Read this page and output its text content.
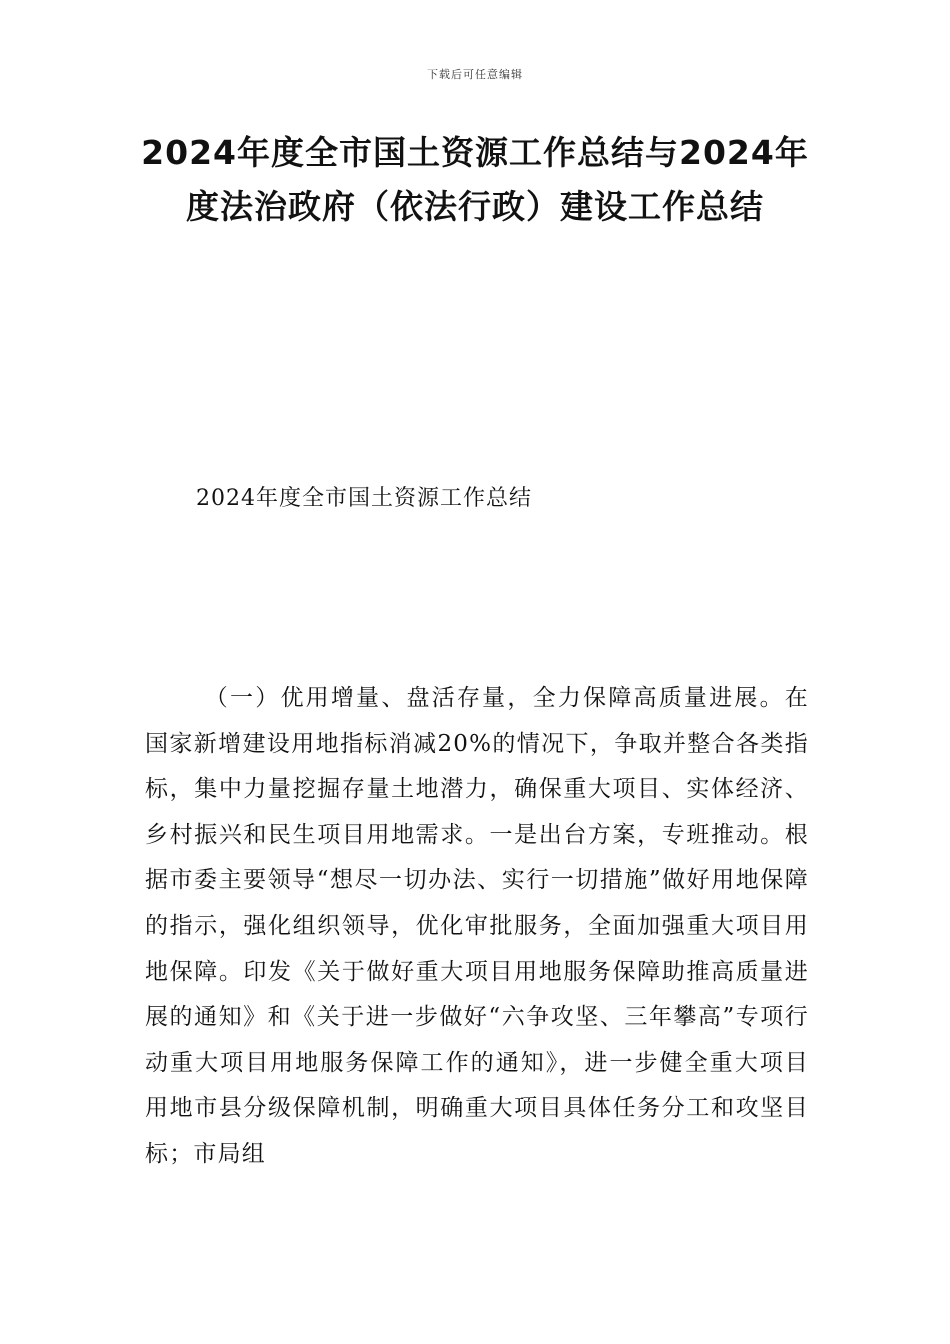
下载后可任意编辑
2024年度全市国土资源工作总结与2024年
度法治政府（依法行政）建设工作总结
2024年度全市国土资源工作总结

（一）优用增量、盘活存量，全力保障高质量进展。在国家新增建设用地指标消减20%的情况下，争取并整合各类指标，集中力量挖掘存量土地潜力，确保重大项目、实体经济、乡村振兴和民生项目用地需求。一是出台方案，专班推动。根据市委主要领导“想尽一切办法、实行一切措施”做好用地保障的指示，强化组织领导，优化审批服务，全面加强重大项目用地保障。印发《关于做好重大项目用地服务保障助推高质量进展的通知》和《关于进一步做好“六争攻坚、三年攀高”专项行动重大项目用地服务保障工作的通知》，进一步健全重大项目用地市县分级保障机制，明确重大项目具体任务分工和攻坚目标；市局组
